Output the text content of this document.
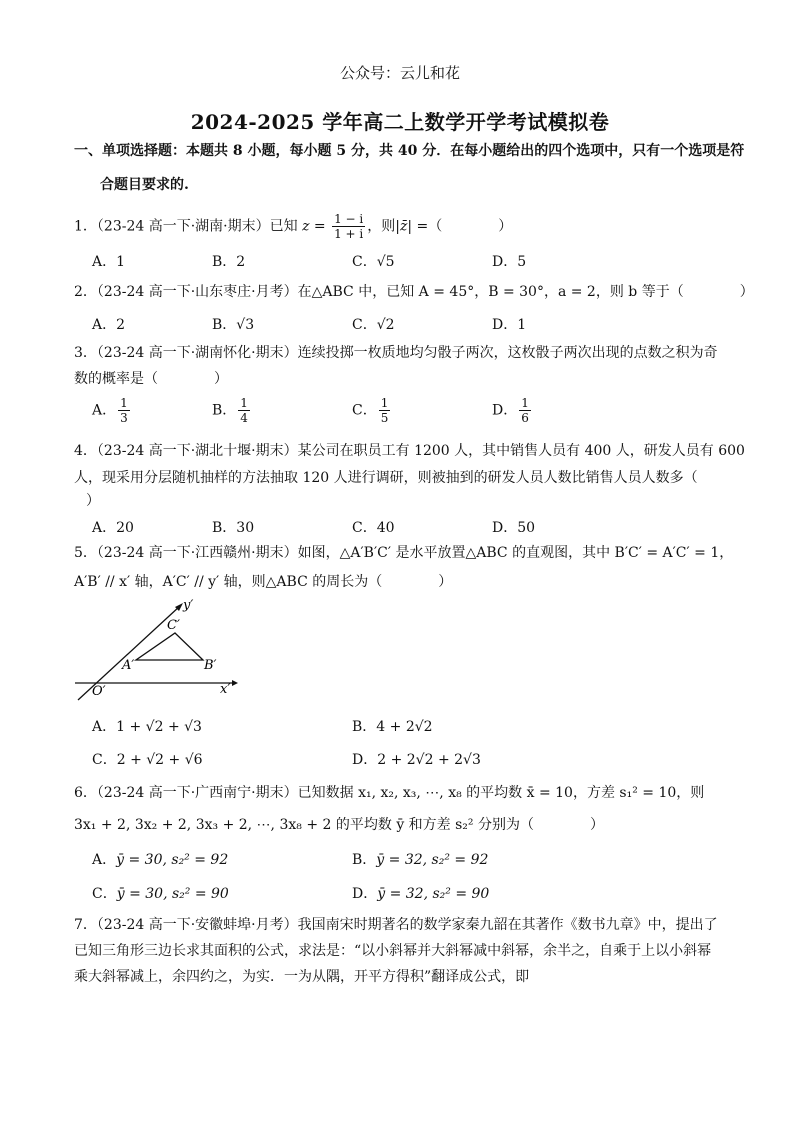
公众号：云儿和花
2024-2025 学年高二上数学开学考试模拟卷
一、单项选择题：本题共 8 小题，每小题 5 分，共 40 分．在每小题给出的四个选项中，只有一个选项是符
合题目要求的.
1．（23-24 高一下·湖南·期末）已知 $z = \frac{1 - i}{1 + i}$ ，则|z̄| =（　　　　）
A．1	B．2	C．√5	D．5
2．（23-24 高一下·山东枣庄·月考）在△ABC 中，已知 A = 45°，B = 30°，a = 2，则 b 等于（　　　　）
A．2	B．√3	C．√2	D．1
3．（23-24 高一下·湖南怀化·期末）连续投掷一枚质地均匀骰子两次，这枚骰子两次出现的点数之积为奇
数的概率是（　　　　）
A． $\frac{1}{3}$	B． $\frac{1}{4}$	C． $\frac{1}{5}$	D． $\frac{1}{6}$
4．（23-24 高一下·湖北十堰·期末）某公司在职员工有 1200 人，其中销售人员有 400 人，研发人员有 600
人，现采用分层随机抽样的方法抽取 120 人进行调研，则被抽到的研发人员人数比销售人员人数多（
）
A．20	B．30	C．40	D．50
5．（23-24 高一下·江西赣州·期末）如图，△A′B′C′ 是水平放置△ABC 的直观图，其中 B′C′ = A′C′ = 1，
A′B′ // x′ 轴，A′C′ // y′ 轴，则△ABC 的周长为（　　　　）
y′
x′
O′
A′	B′
C′
A．1 + √2 + √3	B．4 + 2√2
C．2 + √2 + √6	D．2 + 2√2 + 2√3
6．（23-24 高一下·广西南宁·期末）已知数据 x₁, x₂, x₃, ⋯, x₈ 的平均数 x̄ = 10，方差 s₁² = 10，则
3x₁ + 2, 3x₂ + 2, 3x₃ + 2, ⋯, 3x₈ + 2 的平均数 ȳ 和方差 s₂² 分别为（　　　　）
A．ȳ = 30, s₂² = 92	B．ȳ = 32, s₂² = 92
C．ȳ = 30, s₂² = 90	D．ȳ = 32, s₂² = 90
7．（23-24 高一下·安徽蚌埠·月考）我国南宋时期著名的数学家秦九韶在其著作《数书九章》中，提出了
已知三角形三边长求其面积的公式，求法是：“以小斜幂并大斜幂减中斜幂，余半之，自乘于上以小斜幂
乘大斜幂减上，余四约之，为实．一为从隅，开平方得积”翻译成公式，即
